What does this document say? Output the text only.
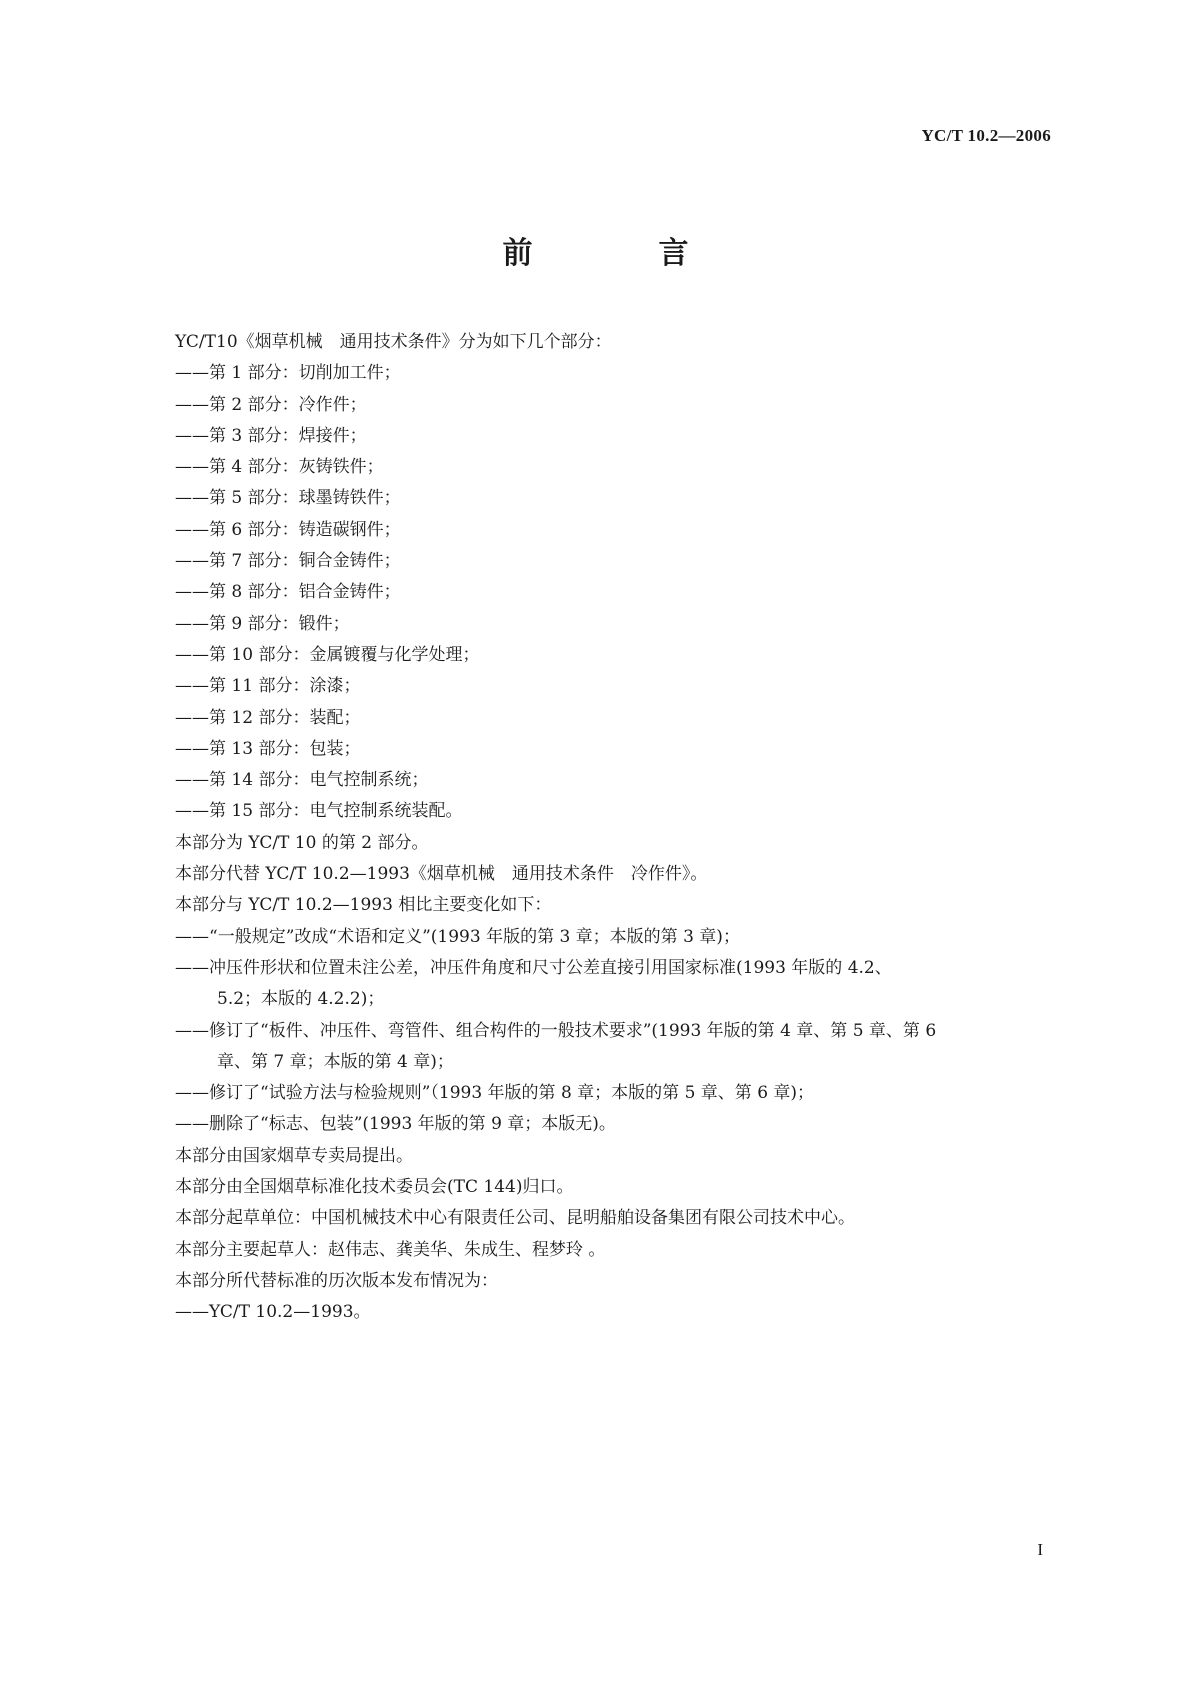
YC/T 10.2—2006
前　言
YC/T10《烟草机械　通用技术条件》分为如下几个部分：
——第 1 部分：切削加工件；
——第 2 部分：冷作件；
——第 3 部分：焊接件；
——第 4 部分：灰铸铁件；
——第 5 部分：球墨铸铁件；
——第 6 部分：铸造碳钢件；
——第 7 部分：铜合金铸件；
——第 8 部分：铝合金铸件；
——第 9 部分：锻件；
——第 10 部分：金属镀覆与化学处理；
——第 11 部分：涂漆；
——第 12 部分：装配；
——第 13 部分：包装；
——第 14 部分：电气控制系统；
——第 15 部分：电气控制系统装配。
本部分为 YC/T 10 的第 2 部分。
本部分代替 YC/T 10.2—1993《烟草机械　通用技术条件　冷作件》。
本部分与 YC/T 10.2—1993 相比主要变化如下：
——“一般规定”改成“术语和定义”(1993 年版的第 3 章；本版的第 3 章)；
——冲压件形状和位置未注公差，冲压件角度和尺寸公差直接引用国家标准(1993 年版的 4.2、
5.2；本版的 4.2.2)；
——修订了“板件、冲压件、弯管件、组合构件的一般技术要求”(1993 年版的第 4 章、第 5 章、第 6
章、第 7 章；本版的第 4 章)；
——修订了“试验方法与检验规则”（1993 年版的第 8 章；本版的第 5 章、第 6 章)；
——删除了“标志、包装”(1993 年版的第 9 章；本版无)。
本部分由国家烟草专卖局提出。
本部分由全国烟草标准化技术委员会(TC 144)归口。
本部分起草单位：中国机械技术中心有限责任公司、昆明船舶设备集团有限公司技术中心。
本部分主要起草人：赵伟志、龚美华、朱成生、程梦玲 。
本部分所代替标准的历次版本发布情况为：
——YC/T 10.2—1993。
I
